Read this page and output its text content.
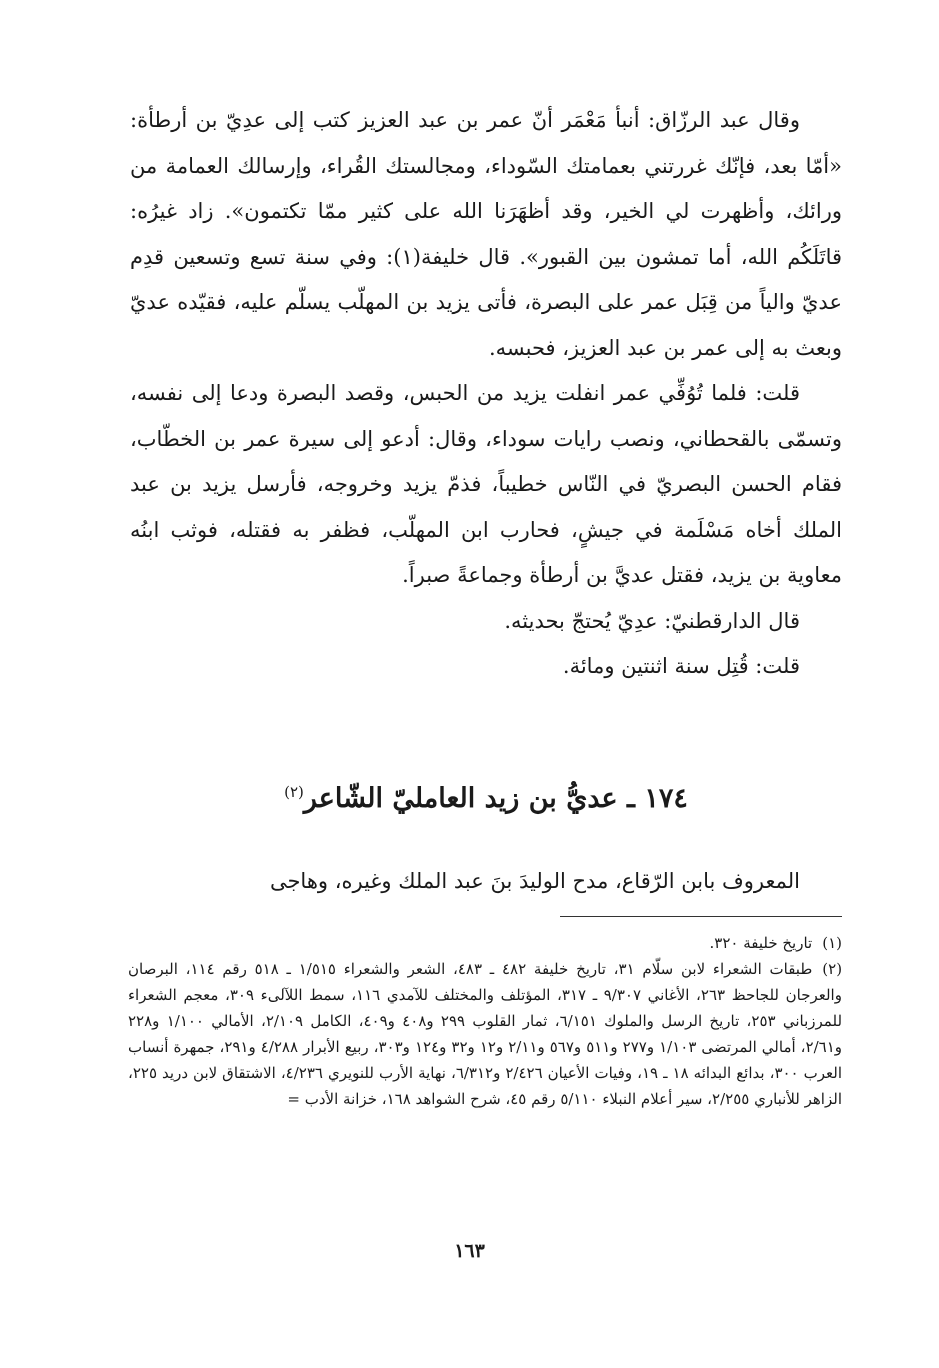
وقال عبد الرزّاق: أنبأ مَعْمَر أنّ عمر بن عبد العزيز كتب إلى عدِيّ بن أرطأة: «أمّا بعد، فإنّك غررتني بعمامتك السّوداء، ومجالستك القُراء، وإرسالك العمامة من ورائك، وأظهرت لي الخير، وقد أظهَرَنا الله على كثير ممّا تكتمون». زاد غيرُه: قاتَلَكُم الله، أما تمشون بين القبور». قال خليفة(١): وفي سنة تسع وتسعين قدِم عديّ والياً من قِبَل عمر على البصرة، فأتى يزيد بن المهلّب يسلّم عليه، فقيّده عديّ وبعث به إلى عمر بن عبد العزيز، فحبسه.

قلت: فلما تُوُفِّي عمر انفلت يزيد من الحبس، وقصد البصرة ودعا إلى نفسه، وتسمّى بالقحطاني، ونصب رايات سوداء، وقال: أدعو إلى سيرة عمر بن الخطّاب، فقام الحسن البصريّ في النّاس خطيباً، فذمّ يزيد وخروجه، فأرسل يزيد بن عبد الملك أخاه مَسْلَمة في جيشٍ، فحارب ابن المهلّب، فظفر به فقتله، فوثب ابنُه معاوية بن يزيد، فقتل عديَّ بن أرطأة وجماعةً صبراً.

قال الدارقطنيّ: عدِيّ يُحتجّ بحديثه.

قلت: قُتِل سنة اثنتين ومائة.

١٧٤ ـ عديُّ بن زيد العامليّ الشّاعر$^{(٢)}$

المعروف بابن الرّقاع، مدح الوليدَ بنَ عبد الملك وغيره، وهاجى

(١)تاريخ خليفة ٣٢٠.

(٢)طبقات الشعراء لابن سلّام ٣١، تاريخ خليفة ٤٨٢ ـ ٤٨٣، الشعر والشعراء ١/٥١٥ ـ ٥١٨ رقم ١١٤، البرصان والعرجان للجاحظ ٢٦٣، الأغاني ٩/٣٠٧ ـ ٣١٧، المؤتلف والمختلف للآمدي ١١٦، سمط اللآلىء ٣٠٩، معجم الشعراء للمرزباني ٢٥٣، تاريخ الرسل والملوك ٦/١٥١، ثمار القلوب ٢٩٩ و٤٠٨ و٤٠٩، الكامل ٢/١٠٩، الأمالي ١/١٠٠ و٢٢٨ و٢/٦١، أمالي المرتضى ١/١٠٣ و٢٧٧ و٥١١ و٥٦٧ و٢/١١ و١٢ و٣٢ و١٢٤ و٣٠٣، ربيع الأبرار ٤/٢٨٨ و٢٩١، جمهرة أنساب العرب ٣٠٠، بدائع البدائه ١٨ ـ ١٩، وفيات الأعيان ٢/٤٢٦ و٦/٣١٢، نهاية الأرب للنويري ٤/٢٣٦، الاشتقاق لابن دريد ٢٢٥، الزاهر للأنباري ٢/٢٥٥، سير أعلام النبلاء ٥/١١٠ رقم ٤٥، شرح الشواهد ١٦٨، خزانة الأدب =

١٦٣
